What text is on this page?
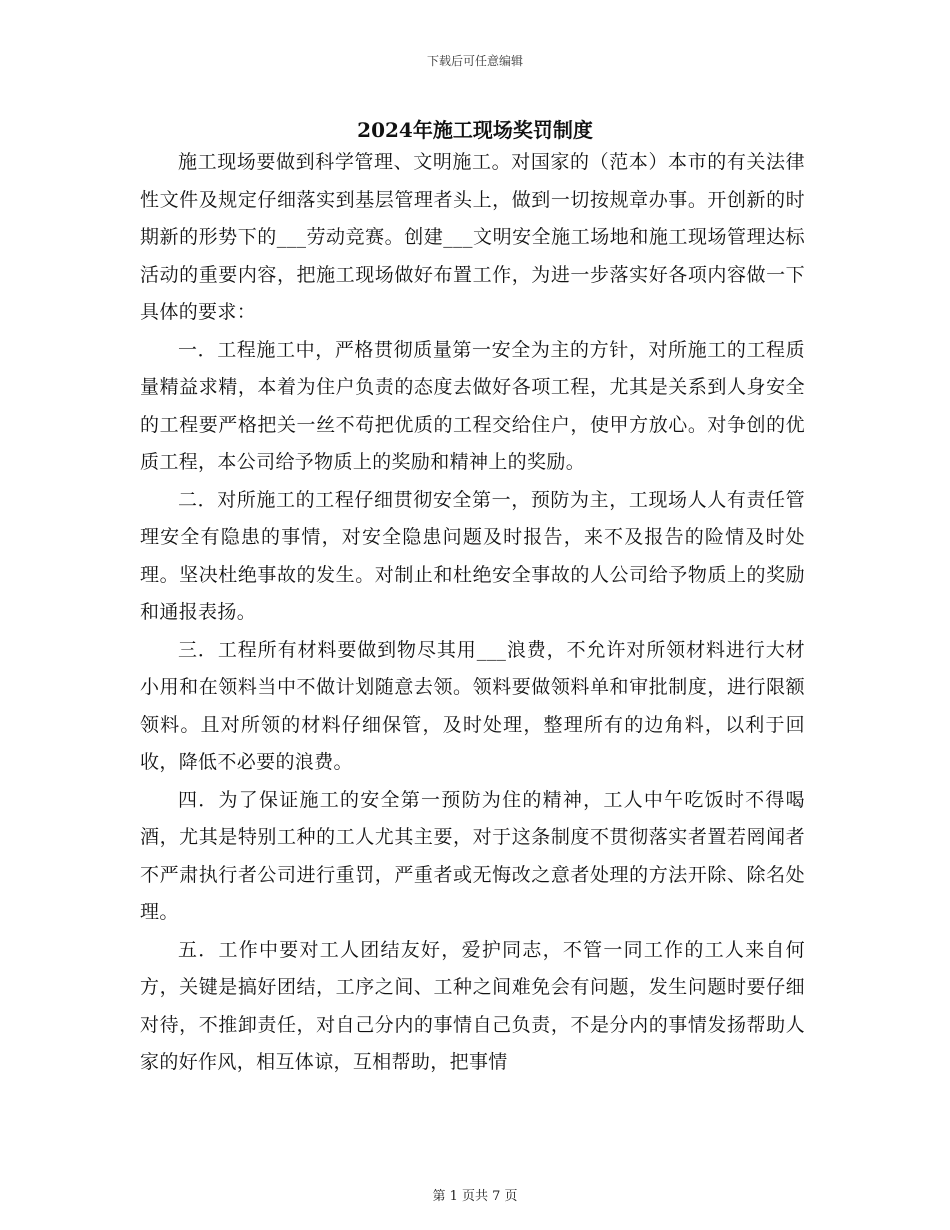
下载后可任意编辑
2024年施工现场奖罚制度

施工现场要做到科学管理、文明施工。对国家的（范本）本市的有关法律性文件及规定仔细落实到基层管理者头上，做到一切按规章办事。开创新的时期新的形势下的___劳动竞赛。创建___文明安全施工场地和施工现场管理达标活动的重要内容，把施工现场做好布置工作，为进一步落实好各项内容做一下具体的要求：

一．工程施工中，严格贯彻质量第一安全为主的方针，对所施工的工程质量精益求精，本着为住户负责的态度去做好各项工程，尤其是关系到人身安全的工程要严格把关一丝不苟把优质的工程交给住户，使甲方放心。对争创的优质工程，本公司给予物质上的奖励和精神上的奖励。

二．对所施工的工程仔细贯彻安全第一，预防为主，工现场人人有责任管理安全有隐患的事情，对安全隐患问题及时报告，来不及报告的险情及时处理。坚决杜绝事故的发生。对制止和杜绝安全事故的人公司给予物质上的奖励和通报表扬。

三．工程所有材料要做到物尽其用___浪费，不允许对所领材料进行大材小用和在领料当中不做计划随意去领。领料要做领料单和审批制度，进行限额领料。且对所领的材料仔细保管，及时处理，整理所有的边角料，以利于回收，降低不必要的浪费。

四．为了保证施工的安全第一预防为住的精神，工人中午吃饭时不得喝酒，尤其是特别工种的工人尤其主要，对于这条制度不贯彻落实者置若罔闻者不严肃执行者公司进行重罚，严重者或无悔改之意者处理的方法开除、除名处理。

五．工作中要对工人团结友好，爱护同志，不管一同工作的工人来自何方，关键是搞好团结，工序之间、工种之间难免会有问题，发生问题时要仔细对待，不推卸责任，对自己分内的事情自己负责，不是分内的事情发扬帮助人家的好作风，相互体谅，互相帮助，把事情

第 1 页共 7 页
